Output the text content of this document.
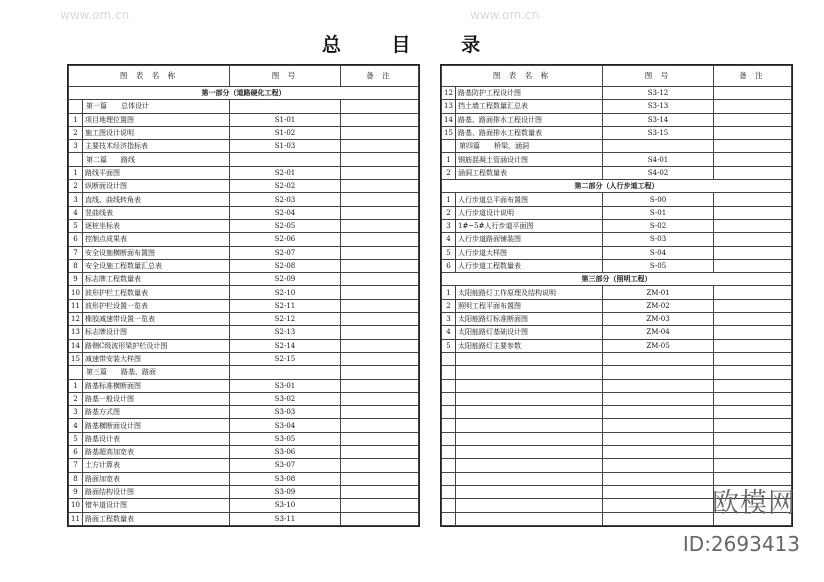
总 目 录
图 表 名 称		图 号	备 注
第一部分（道路硬化工程）			
	第一篇　　总体设计		
1	项目地理位置图	S1-01	
2	施工图设计说明	S1-02	
3	主要技术经济指标表	S1-03	
	第二篇　　路线		
1	路线平面图	S2-01	
2	纵断面设计图	S2-02	
3	直线、曲线转角表	S2-03	
4	竖曲线表	S2-04	
5	逐桩坐标表	S2-05	
6	控制点成果表	S2-06	
7	安全设施横断面布置图	S2-07	
8	安全设施工程数量汇总表	S2-08	
9	标志牌工程数量表	S2-09	
10	波形护栏工程数量表	S2-10	
11	波形护栏设置一览表	S2-11	
12	橡胶减速带设置一览表	S2-12	
13	标志牌设计图	S2-13	
14	路侧C级波形梁护栏设计图	S2-14	
15	减速带安装大样图	S2-15	
	第三篇　　路基、路面		
1	路基标准横断面图	S3-01	
2	路基一般设计图	S3-02	
3	路基方式图	S3-03	
4	路基横断面设计图	S3-04	
5	路基设计表	S3-05	
6	路基超高加宽表	S3-06	
7	土方计算表	S3-07	
8	路面加宽表	S3-08	
9	路面结构设计图	S3-09	
10	错车道设计图	S3-10	
11	路面工程数量表	S3-11	
图 表 名 称		图 号	备 注
12	路基防护工程设计图	S3-12	
13	挡土墙工程数量汇总表	S3-13	
14	路基、路面排水工程设计图	S3-14	
15	路基、路面排水工程数量表	S3-15	
	第四篇　　桥梁、涵洞		
1	钢筋混凝土管涵设计图	S4-01	
2	涵洞工程数量表	S4-02	
第二部分（人行步道工程）			
1	人行步道总平面布置图	S-00	
2	人行步道设计说明	S-01	
3	1#~5#人行步道平面图	S-02	
4	人行步道路面铺装图	S-03	
5	人行步道大样图	S-04	
6	人行步道工程数量表	S-05	
第三部分（照明工程）			
1	太阳能路灯工作原理及结构说明	ZM-01	
2	照明工程平面布置图	ZM-02	
3	太阳能路灯标准断面图	ZM-03	
4	太阳能路灯基础设计图	ZM-04	
5	太阳能路灯主要参数	ZM-05	

www.om.cn	www.om.cn
欧模网
ID:2693413
